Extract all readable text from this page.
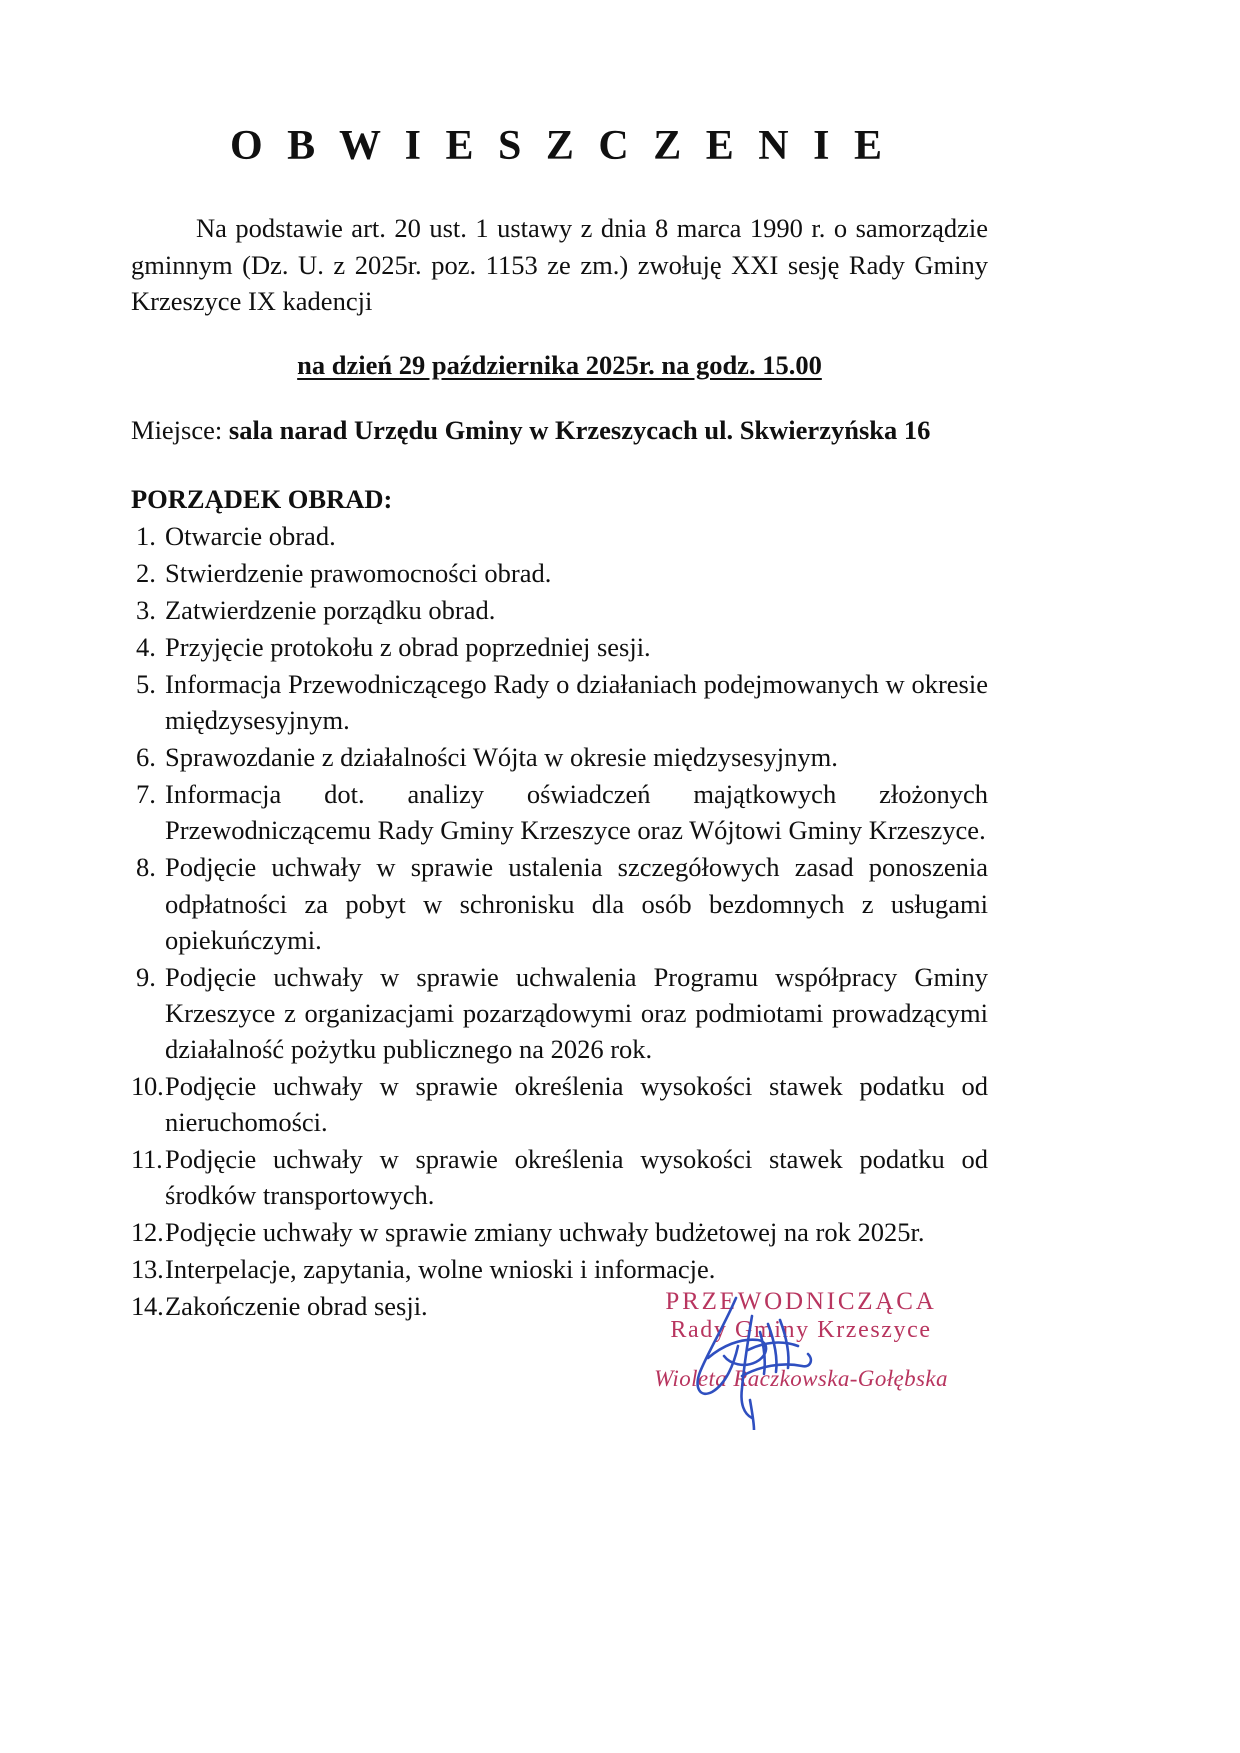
O B W I E S Z C Z E N I E

Na podstawie art. 20 ust. 1 ustawy z dnia 8 marca 1990 r. o samorządzie gminnym (Dz. U. z 2025r. poz. 1153 ze zm.) zwołuję XXI sesję Rady Gminy Krzeszyce IX kadencji

na dzień 29 października 2025r. na godz. 15.00
Miejsce: sala narad Urzędu Gminy w Krzeszycach ul. Skwierzyńska 16
PORZĄDEK OBRAD:
1. Otwarcie obrad.
2. Stwierdzenie prawomocności obrad.
3. Zatwierdzenie porządku obrad.
4. Przyjęcie protokołu z obrad poprzedniej sesji.
5. Informacja Przewodniczącego Rady o działaniach podejmowanych w okresie międzysesyjnym.
6. Sprawozdanie z działalności Wójta w okresie międzysesyjnym.
7. Informacja dot. analizy oświadczeń majątkowych złożonych Przewodniczącemu Rady Gminy Krzeszyce oraz Wójtowi Gminy Krzeszyce.
8. Podjęcie uchwały w sprawie ustalenia szczegółowych zasad ponoszenia odpłatności za pobyt w schronisku dla osób bezdomnych z usługami opiekuńczymi.
9. Podjęcie uchwały w sprawie uchwalenia Programu współpracy Gminy Krzeszyce z organizacjami pozarządowymi oraz podmiotami prowadzącymi działalność pożytku publicznego na 2026 rok.
10. Podjęcie uchwały w sprawie określenia wysokości stawek podatku od nieruchomości.
11. Podjęcie uchwały w sprawie określenia wysokości stawek podatku od środków transportowych.
12. Podjęcie uchwały w sprawie zmiany uchwały budżetowej na rok 2025r.
13. Interpelacje, zapytania, wolne wnioski i informacje.
14. Zakończenie obrad sesji.	PRZEWODNICZĄCA
Rady Gminy Krzeszyce
Wioleta Raczkowska-Gołębska
